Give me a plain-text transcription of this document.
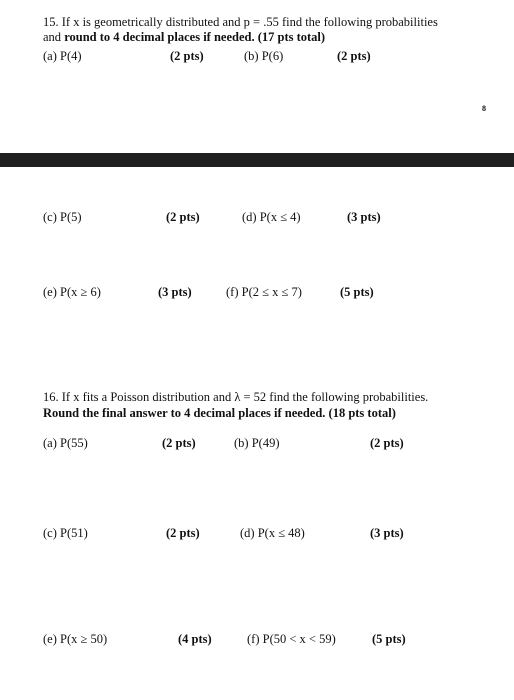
15. If x is geometrically distributed and p = .55 find the following probabilities
and round to 4 decimal places if needed. (17 pts total)
(a) P(4)	(2 pts)	(b) P(6)	(2 pts)
8
(c) P(5)	(2 pts)	(d) P(x ≤ 4)	(3 pts)
(e) P(x ≥ 6)	(3 pts)	(f) P(2 ≤ x ≤ 7)	(5 pts)
16. If x fits a Poisson distribution and λ = 52 find the following probabilities.
Round the final answer to 4 decimal places if needed. (18 pts total)
(a) P(55)	(2 pts)	(b) P(49)	(2 pts)
(c) P(51)	(2 pts)	(d) P(x ≤ 48)	(3 pts)
(e) P(x ≥ 50)	(4 pts)	(f) P(50 < x < 59)	(5 pts)
